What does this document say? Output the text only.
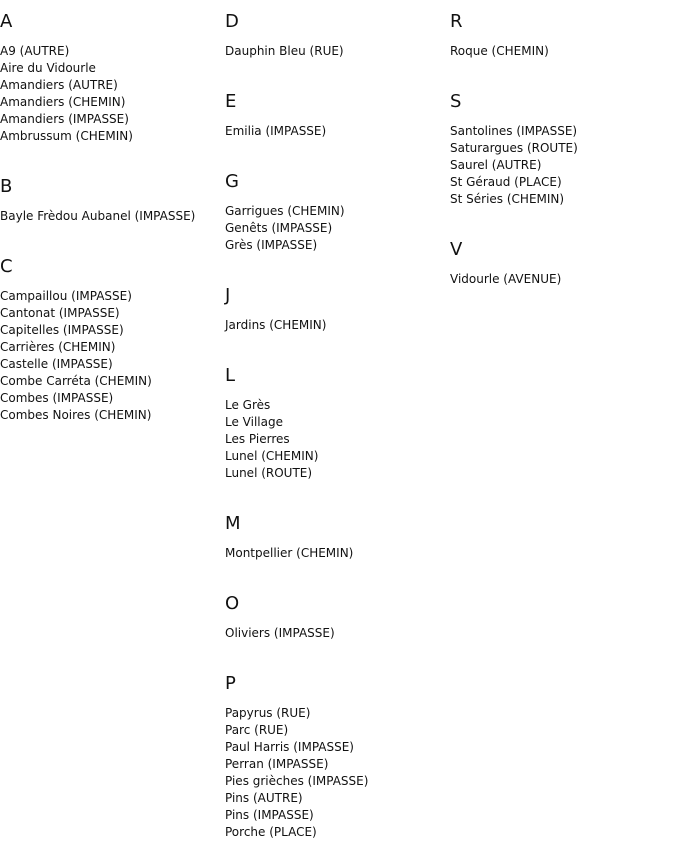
A
A9 (AUTRE)
Aire du Vidourle
Amandiers (AUTRE)
Amandiers (CHEMIN)
Amandiers (IMPASSE)
Ambrussum (CHEMIN)
B
Bayle Frèdou Aubanel (IMPASSE)
C
Campaillou (IMPASSE)
Cantonat (IMPASSE)
Capitelles (IMPASSE)
Carrières (CHEMIN)
Castelle (IMPASSE)
Combe Carréta (CHEMIN)
Combes (IMPASSE)
Combes Noires (CHEMIN)
D
Dauphin Bleu (RUE)
E
Emilia (IMPASSE)
G
Garrigues (CHEMIN)
Genêts (IMPASSE)
Grès (IMPASSE)
J
Jardins (CHEMIN)
L
Le Grès
Le Village
Les Pierres
Lunel (CHEMIN)
Lunel (ROUTE)
M
Montpellier (CHEMIN)
O
Oliviers (IMPASSE)
P
Papyrus (RUE)
Parc (RUE)
Paul Harris (IMPASSE)
Perran (IMPASSE)
Pies grièches (IMPASSE)
Pins (AUTRE)
Pins (IMPASSE)
Porche (PLACE)
R
Roque (CHEMIN)
S
Santolines (IMPASSE)
Saturargues (ROUTE)
Saurel (AUTRE)
St Géraud (PLACE)
St Séries (CHEMIN)
V
Vidourle (AVENUE)
